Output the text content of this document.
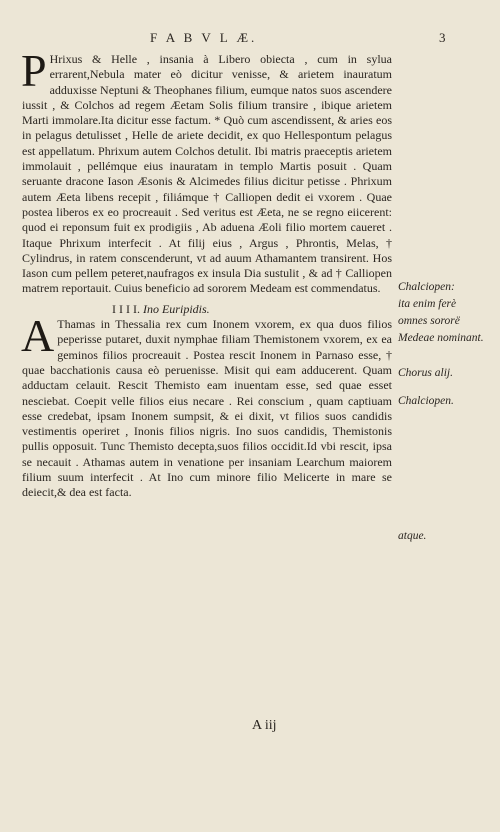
F A B V L Æ.	3

P Hrixus & Helle , insania à Libero obiecta , cum in sylua errarent,Nebula mater eò dicitur venisse, & arietem inauratum adduxisse Neptuni & Theophanes filium, eumque natos suos ascendere iussit , & Colchos ad regem Æetam Solis filium transire , ibique arietem Marti immolare.Ita dicitur esse factum. * Quò cum ascendissent, & aries eos in pelagus detulisset , Helle de ariete decidit, ex quo Hellespontum pelagus est appellatum. Phrixum autem Colchos detulit. Ibi matris praeceptis arietem immolauit , pellémque eius inauratam in templo Martis posuit . Quam seruante dracone Iason Æsonis & Alcimedes filius dicitur petisse . Phrixum autem Æeta libens recepit , filiámque † Calliopen dedit ei vxorem . Quae postea liberos ex eo procreauit . Sed veritus est Æeta, ne se regno eiicerent: quod ei reponsum fuit ex prodigiis , Ab aduena Æoli filio mortem caueret . Itaque Phrixum interfecit . At filij eius , Argus , Phrontis, Melas, † Cylindrus, in ratem conscenderunt, vt ad auum Athamantem transirent. Hos Iason cum pellem peteret,naufragos ex insula Dia sustulit , & ad † Calliopen matrem reportauit. Cuius beneficio ad sororem Medeam est commendatus.

I I I I. Ino Euripidis.

A Thamas in Thessalia rex cum Inonem vxorem, ex qua duos filios peperisse putaret, duxit nymphae filiam Themistonem vxorem, ex ea geminos filios procreauit . Postea rescit Inonem in Parnaso esse, † quae bacchationis causa eò peruenisse. Misit qui eam adducerent. Quam adductam celauit. Rescit Themisto eam inuentam esse, sed quae esset nesciebat. Coepit velle filios eius necare . Rei conscium , quam captiuam esse credebat, ipsam Inonem sumpsit, & ei dixit, vt filios suos candidis vestimentis operiret , Inonis filios nigris. Ino suos candidis, Themistonis pullis opposuit. Tunc Themisto decepta,suos filios occidit.Id vbi rescit, ipsa se necauit . Athamas autem in venatione per insaniam Learchum maiorem filium suum interfecit . At Ino cum minore filio Melicerte in mare se deiecit,& dea est facta.

Chalciopen:
ita enim ferè
omnes sororë
Medeae nominant.
Chorus alij.
Chalciopen.
atque.
A iij
